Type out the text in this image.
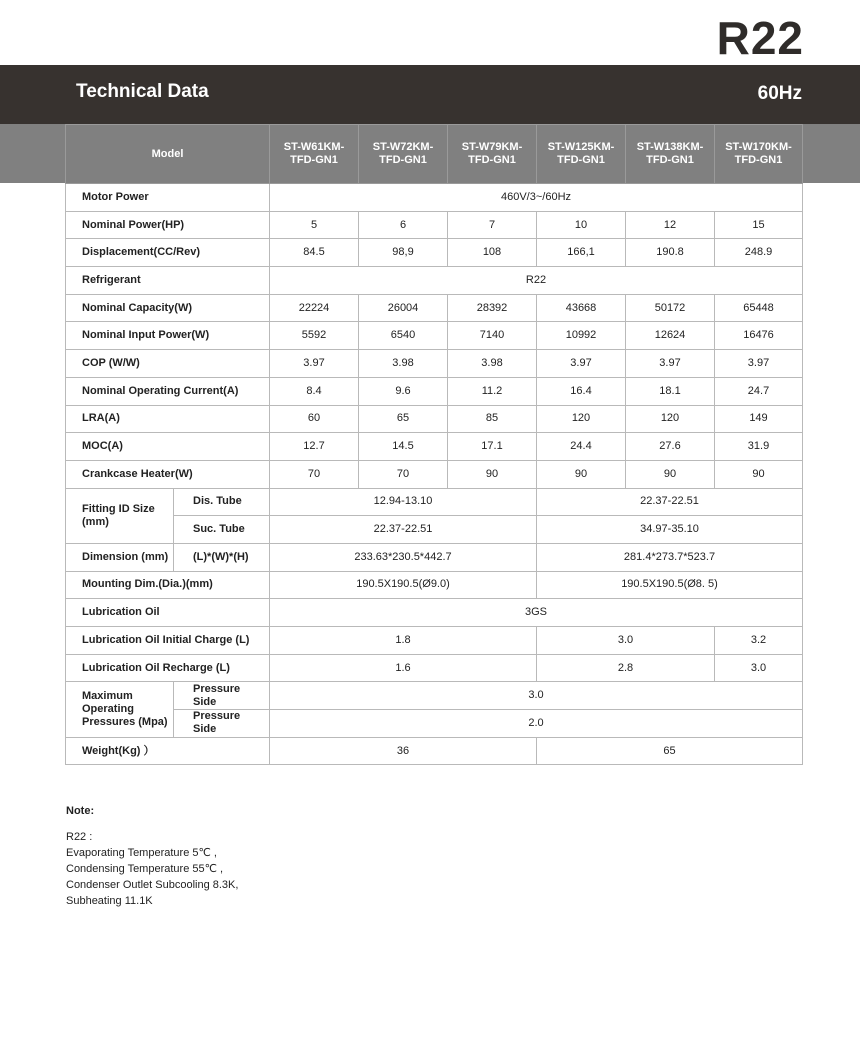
R22
Technical Data	60Hz
Model		ST-W61KM-TFD-GN1	ST-W72KM-TFD-GN1	ST-W79KM-TFD-GN1	ST-W125KM-TFD-GN1	ST-W138KM-TFD-GN1	ST-W170KM-TFD-GN1
Motor Power		460V/3~/60Hz					
Nominal Power(HP)		5	6	7	10	12	15
Displacement(CC/Rev)		84.5	98,9	108	166,1	190.8	248.9
Refrigerant		R22					
Nominal Capacity(W)		22224	26004	28392	43668	50172	65448
Nominal Input Power(W)		5592	6540	7140	10992	12624	16476
COP (W/W)		3.97	3.98	3.98	3.97	3.97	3.97
Nominal Operating Current(A)		8.4	9.6	11.2	16.4	18.1	24.7
LRA(A)		60	65	85	120	120	149
MOC(A)		12.7	14.5	17.1	24.4	27.6	31.9
Crankcase Heater(W)		70	70	90	90	90	90
Fitting ID Size (mm)	Dis. Tube	12.94-13.10			22.37-22.51		
	Suc. Tube	22.37-22.51			34.97-35.10		
Dimension (mm)	(L)*(W)*(H)	233.63*230.5*442.7			281.4*273.7*523.7		
Mounting Dim.(Dia.)(mm)		190.5X190.5(Ø9.0)			190.5X190.5(Ø8. 5)		
Lubrication Oil		3GS					
Lubrication Oil Initial Charge (L)		1.8			3.0		3.2
Lubrication Oil Recharge (L)		1.6			2.8		3.0
Maximum Operating Pressures (Mpa)	Pressure Side	3.0					
	Pressure Side	2.0					
Weight(Kg) ）		36			65		
Note:
R22 :
Evaporating Temperature 5℃ ,
Condensing Temperature 55℃ ,
Condenser Outlet Subcooling 8.3K,
Subheating 11.1K
